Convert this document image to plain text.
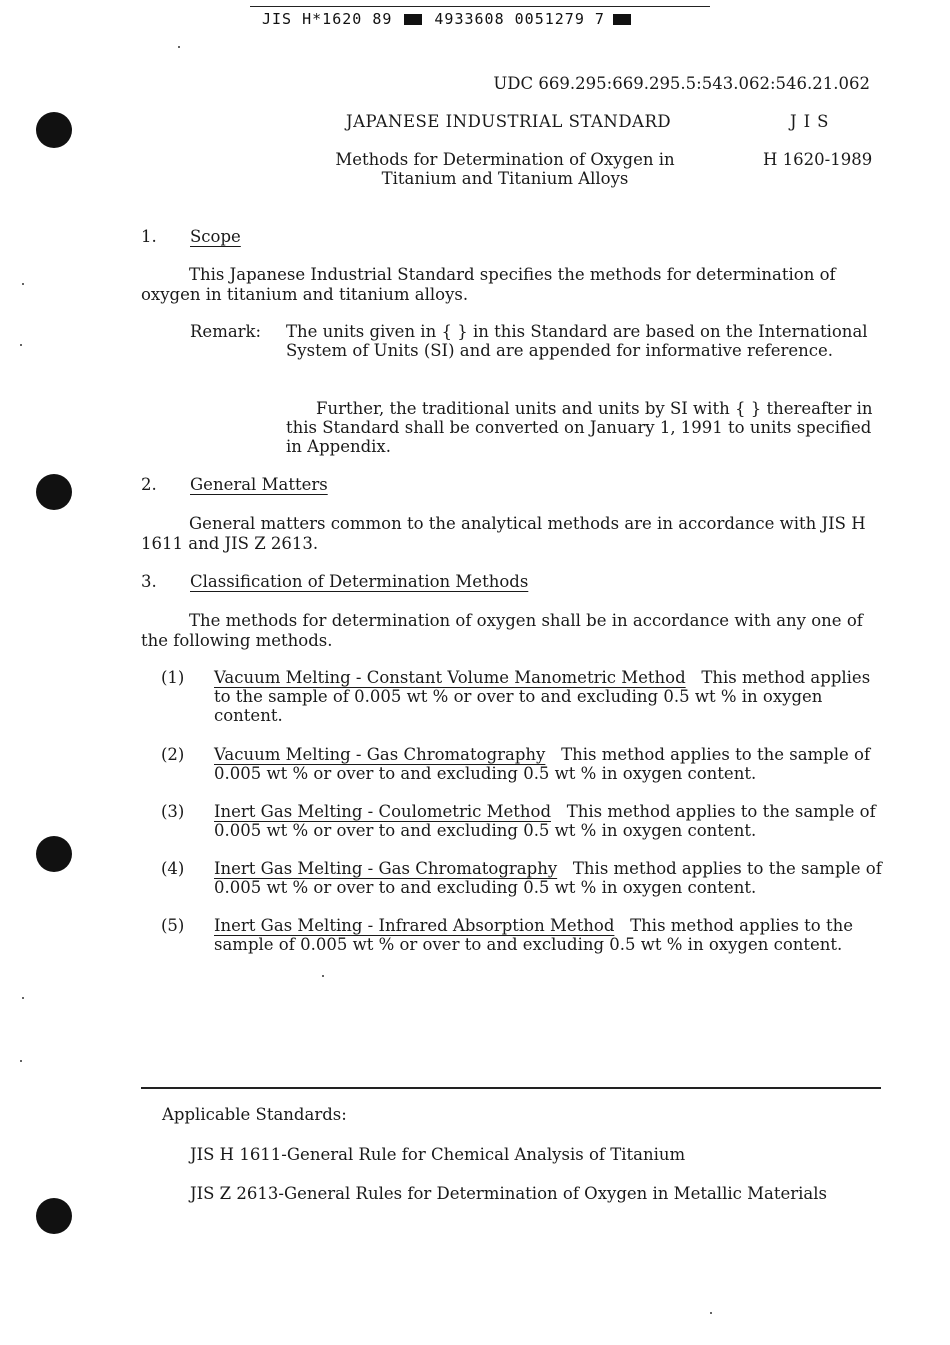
JIS H*1620 89	4933608 0051279 7
UDC 669.295:669.295.5:543.062:546.21.062
JAPANESE INDUSTRIAL STANDARD	JIS
Methods for Determination of Oxygen in
Titanium and Titanium Alloys
H 1620-1989
1. Scope
This Japanese Industrial Standard specifies the methods for determination of oxygen in titanium and titanium alloys.
Remark: The units given in { } in this Standard are based on the International System of Units (SI) and are appended for informative reference.
Further, the traditional units and units by SI with { } thereafter in this Standard shall be converted on January 1, 1991 to units specified in Appendix.
2. General Matters
General matters common to the analytical methods are in accordance with JIS H 1611 and JIS Z 2613.
3. Classification of Determination Methods
The methods for determination of oxygen shall be in accordance with any one of the following methods.
(1) Vacuum Melting - Constant Volume Manometric Method This method applies to the sample of 0.005 wt % or over to and excluding 0.5 wt % in oxygen content.
(2) Vacuum Melting - Gas Chromatography This method applies to the sample of 0.005 wt % or over to and excluding 0.5 wt % in oxygen content.
(3) Inert Gas Melting - Coulometric Method This method applies to the sample of 0.005 wt % or over to and excluding 0.5 wt % in oxygen content.
(4) Inert Gas Melting - Gas Chromatography This method applies to the sample of 0.005 wt % or over to and excluding 0.5 wt % in oxygen content.
(5) Inert Gas Melting - Infrared Absorption Method This method applies to the sample of 0.005 wt % or over to and excluding 0.5 wt % in oxygen content.
Applicable Standards:
JIS H 1611-General Rule for Chemical Analysis of Titanium
JIS Z 2613-General Rules for Determination of Oxygen in Metallic Materials
